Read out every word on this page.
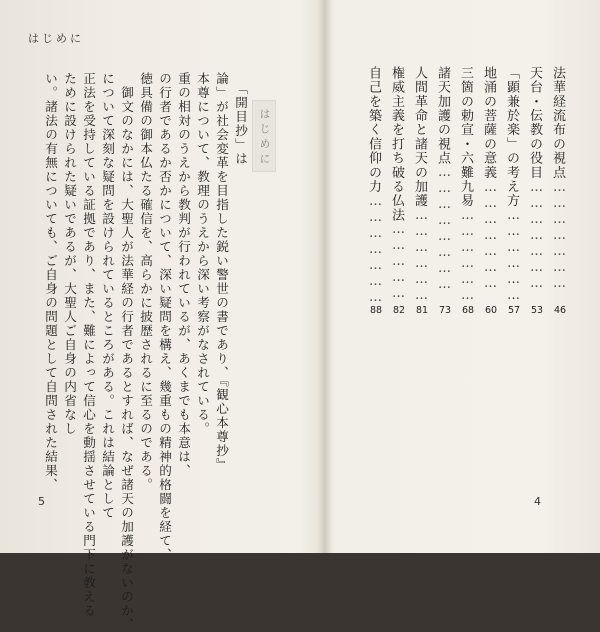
はじめに
はじめに
「開目抄」は
論」が社会変革を目指した鋭い警世の書であり、『観心本尊抄』
本尊について、教理のうえから深い考察がなされている。
重の相対のうえから教判が行われているが、あくまでも本意は、
の行者であるか否かについて、深い疑問を構え、幾重もの精神的格闘を経て、
徳具備の御本仏たる確信を、高らかに披歴されるに至るのである。
御文のなかには、大聖人が法華経の行者であるとすれば、なぜ諸天の加護がないのか、
について深刻な疑問を設けられているところがある。これは結論として
正法を受持している証拠であり、また、難によって信心を動揺させている門下に教える
ために設けられた疑いであるが、大聖人ご自身の内省なし
い。諸法の有無についても、ご自身の問題として自問された結果、
5
法華経流布の視点
…………………………………………………………………………
46
天台・伝教の役目
…………………………………………………………………………
53
「顕兼於楽」の考え方
…………………………………………………………………………
57
地涌の菩薩の意義
…………………………………………………………………………
60
三箇の勅宣・六難九易
…………………………………………………………………………
68
諸天加護の視点
…………………………………………………………………………
73
人間革命と諸天の加護
…………………………………………………………………………
81
権威主義を打ち破る仏法
…………………………………………………………………………
82
自己を築く信仰の力
…………………………………………………………………………
88
4
